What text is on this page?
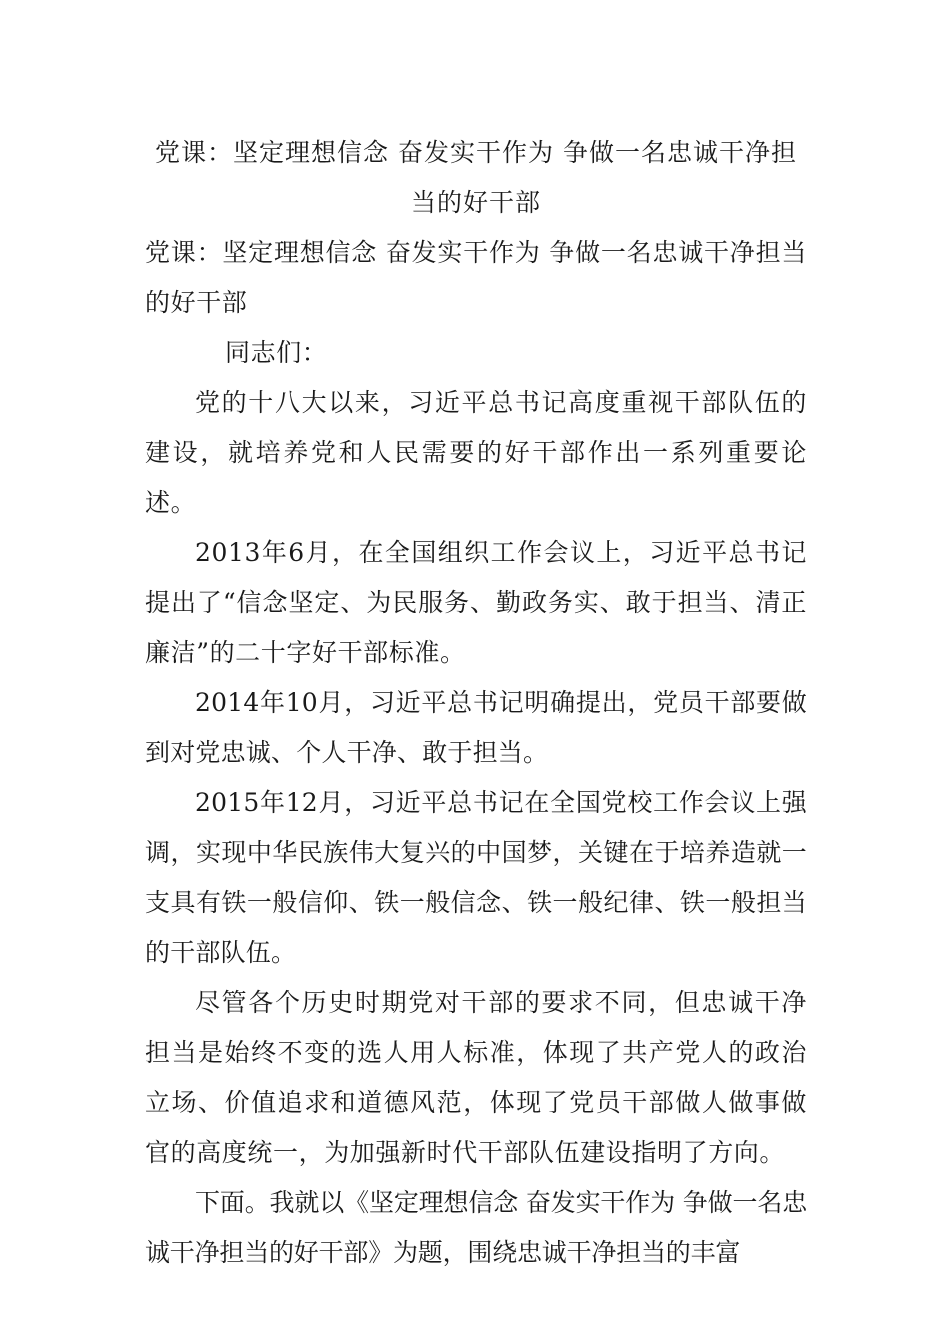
党课：坚定理想信念 奋发实干作为 争做一名忠诚干净担当的好干部

党课：坚定理想信念 奋发实干作为 争做一名忠诚干净担当的好干部

同志们：

党的十八大以来，习近平总书记高度重视干部队伍的建设，就培养党和人民需要的好干部作出一系列重要论述。

2013年6月，在全国组织工作会议上，习近平总书记提出了“信念坚定、为民服务、勤政务实、敢于担当、清正廉洁”的二十字好干部标准。

2014年10月，习近平总书记明确提出，党员干部要做到对党忠诚、个人干净、敢于担当。

2015年12月，习近平总书记在全国党校工作会议上强调，实现中华民族伟大复兴的中国梦，关键在于培养造就一支具有铁一般信仰、铁一般信念、铁一般纪律、铁一般担当的干部队伍。

尽管各个历史时期党对干部的要求不同，但忠诚干净担当是始终不变的选人用人标准，体现了共产党人的政治立场、价值追求和道德风范，体现了党员干部做人做事做官的高度统一，为加强新时代干部队伍建设指明了方向。

下面。我就以《坚定理想信念 奋发实干作为 争做一名忠诚干净担当的好干部》为题，围绕忠诚干净担当的丰富
